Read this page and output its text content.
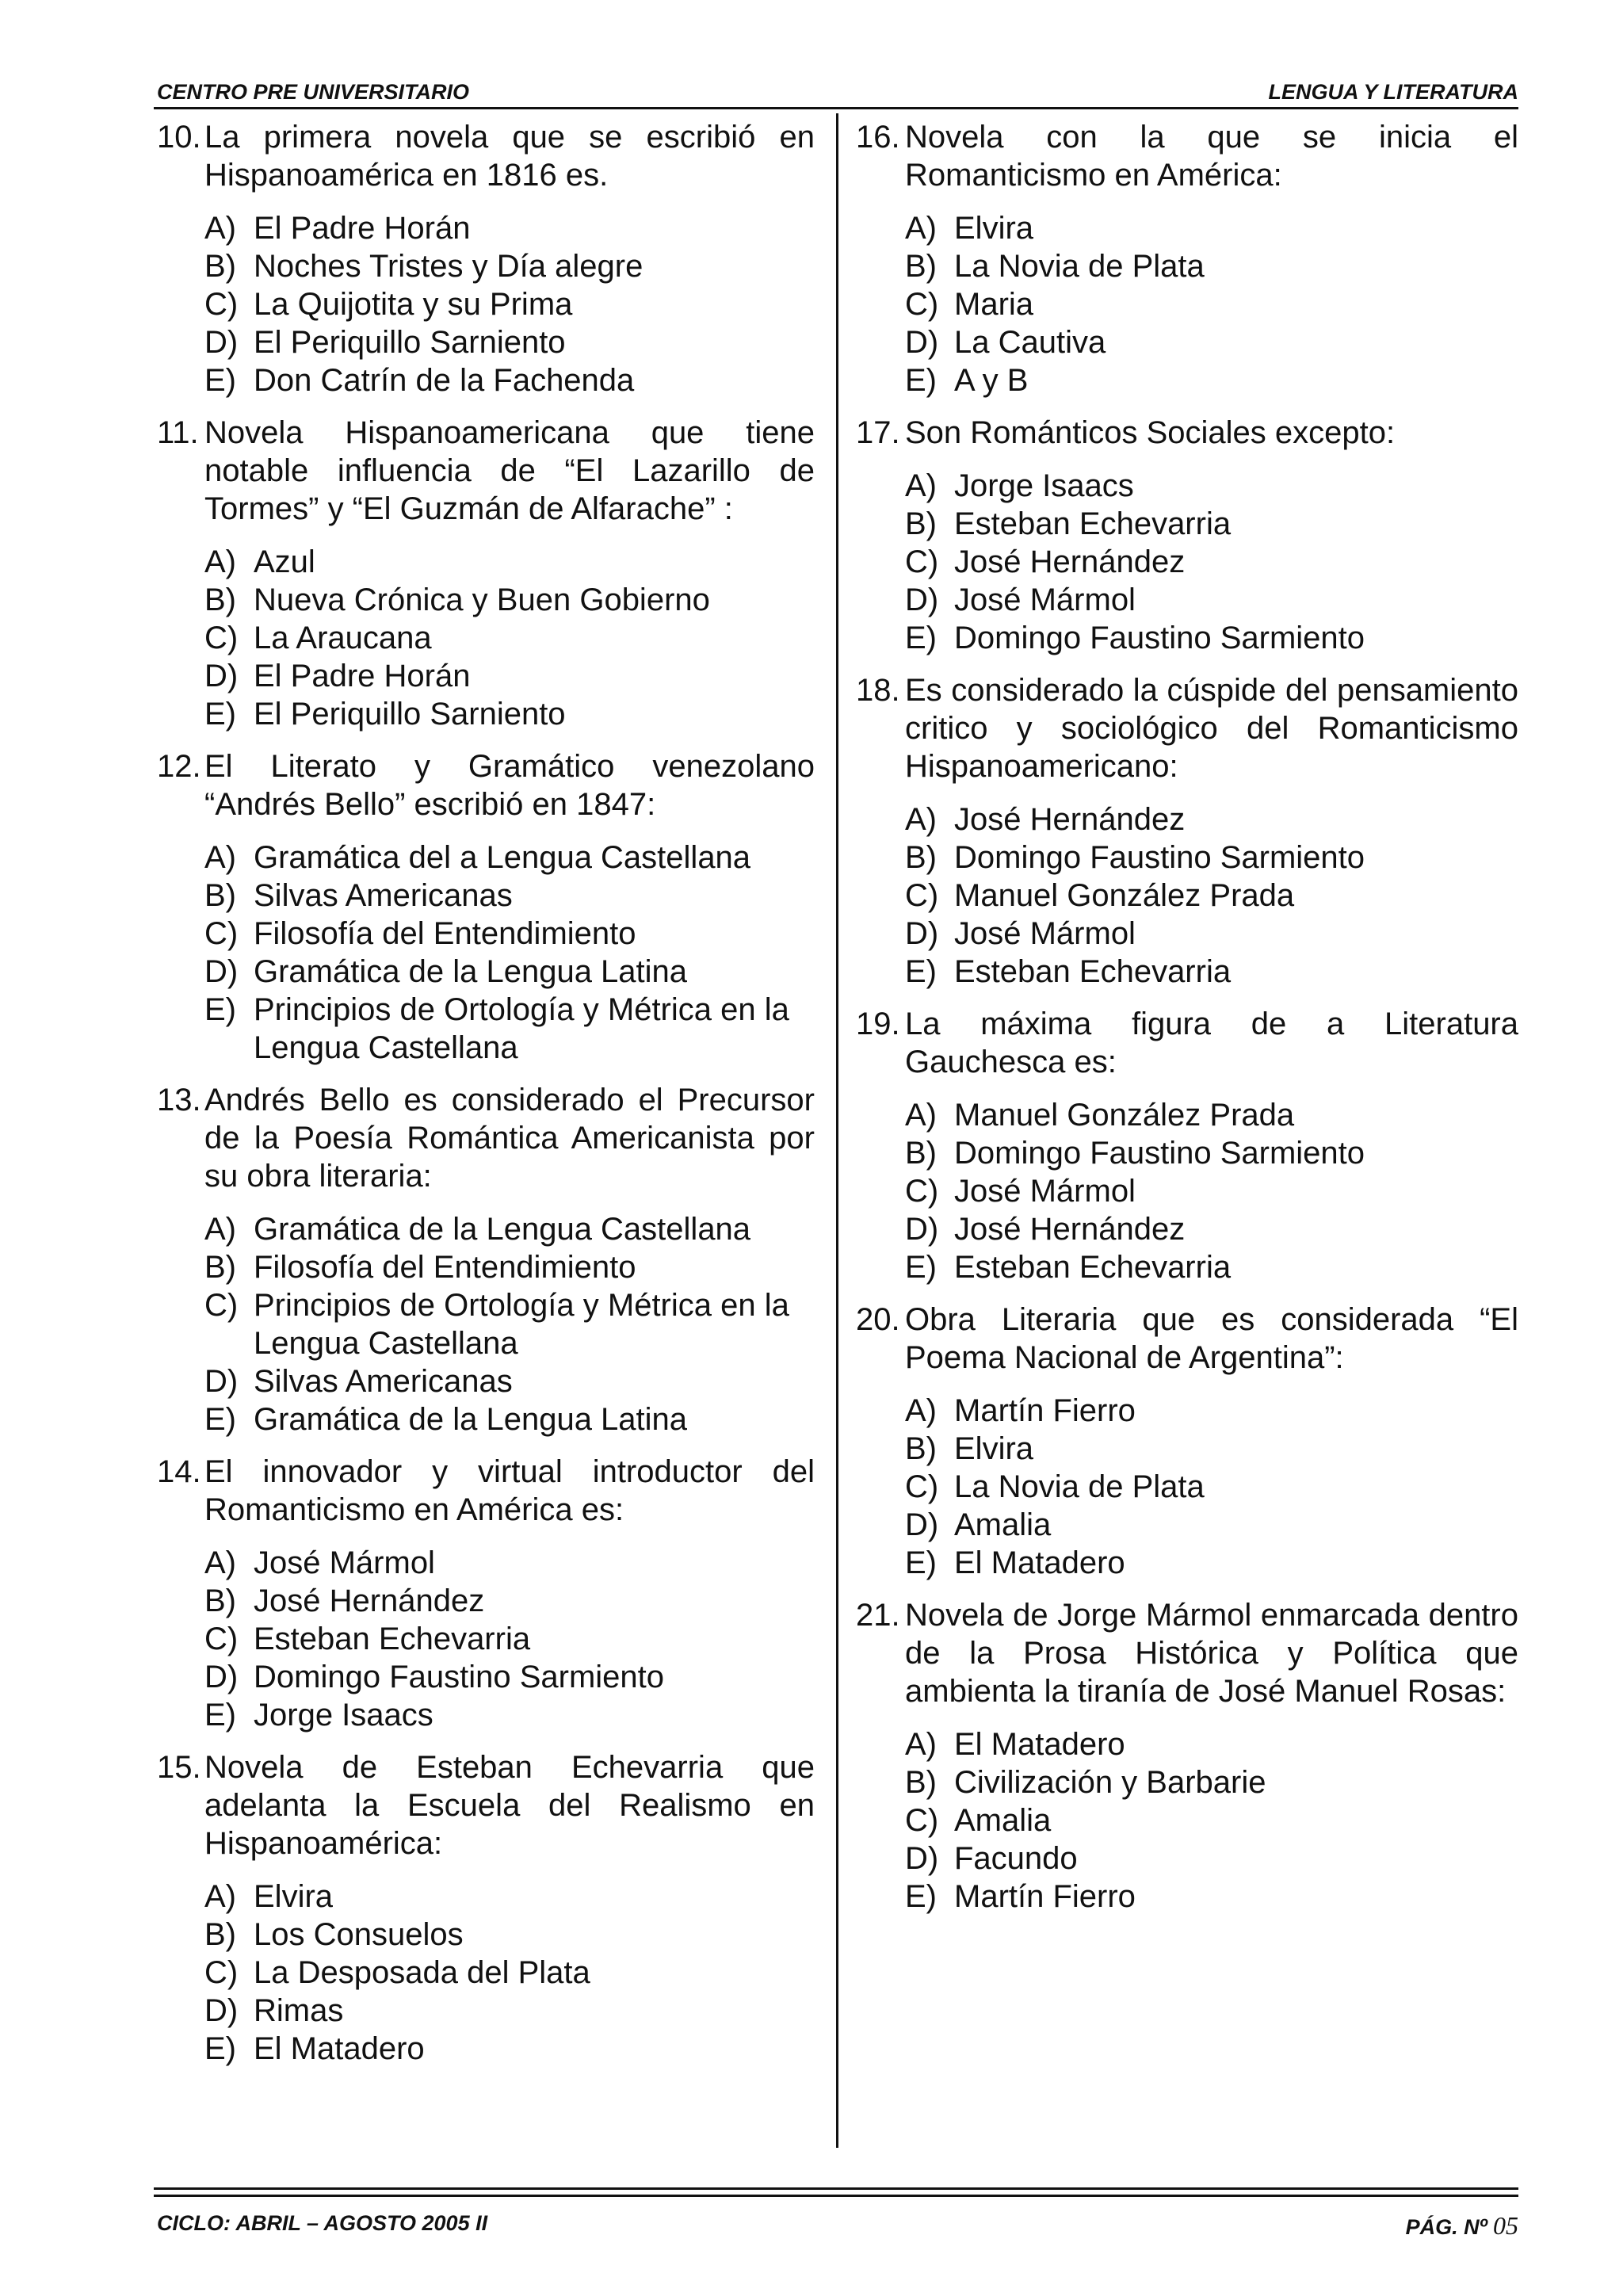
CENTRO PRE UNIVERSITARIO	LENGUA Y LITERATURA
10. La primera novela que se escribió en Hispanoamérica en 1816 es.
A) El Padre Horán
B) Noches Tristes y Día alegre
C) La Quijotita y su Prima
D) El Periquillo Sarniento
E) Don Catrín de la Fachenda
11. Novela Hispanoamericana que tiene notable influencia de “El Lazarillo de Tormes” y “El Guzmán de Alfarache” :
A) Azul
B) Nueva Crónica y Buen Gobierno
C) La Araucana
D) El Padre Horán
E) El Periquillo Sarniento
12. El Literato y Gramático venezolano “Andrés Bello” escribió en 1847:
A) Gramática del a Lengua Castellana
B) Silvas Americanas
C) Filosofía del Entendimiento
D) Gramática de la Lengua Latina
E) Principios de Ortología y Métrica en la Lengua Castellana
13. Andrés Bello es considerado el Precursor de la Poesía Romántica Americanista por su obra literaria:
A) Gramática de la Lengua Castellana
B) Filosofía del Entendimiento
C) Principios de Ortología y Métrica en la Lengua Castellana
D) Silvas Americanas
E) Gramática de la Lengua Latina
14. El innovador y virtual introductor del Romanticismo en América es:
A) José Mármol
B) José Hernández
C) Esteban Echevarria
D) Domingo Faustino Sarmiento
E) Jorge Isaacs
15. Novela de Esteban Echevarria que adelanta la Escuela del Realismo en Hispanoamérica:
A) Elvira
B) Los Consuelos
C) La Desposada del Plata
D) Rimas
E) El Matadero
16. Novela con la que se inicia el Romanticismo en América:
A) Elvira
B) La Novia de Plata
C) Maria
D) La Cautiva
E) A y B
17. Son Románticos Sociales excepto:
A) Jorge Isaacs
B) Esteban Echevarria
C) José Hernández
D) José Mármol
E) Domingo Faustino Sarmiento
18. Es considerado la cúspide del pensamiento critico y sociológico del Romanticismo Hispanoamericano:
A) José Hernández
B) Domingo Faustino Sarmiento
C) Manuel González Prada
D) José Mármol
E) Esteban Echevarria
19. La máxima figura de a Literatura Gauchesca es:
A) Manuel González Prada
B) Domingo Faustino Sarmiento
C) José Mármol
D) José Hernández
E) Esteban Echevarria
20. Obra Literaria que es considerada “El Poema Nacional de Argentina”:
A) Martín Fierro
B) Elvira
C) La Novia de Plata
D) Amalia
E) El Matadero
21. Novela de Jorge Mármol enmarcada dentro de la Prosa Histórica y Política que ambienta la tiranía de José Manuel Rosas:
A) El Matadero
B) Civilización y Barbarie
C) Amalia
D) Facundo
E) Martín Fierro
CICLO: ABRIL – AGOSTO 2005 II	PÁG. Nº 05
